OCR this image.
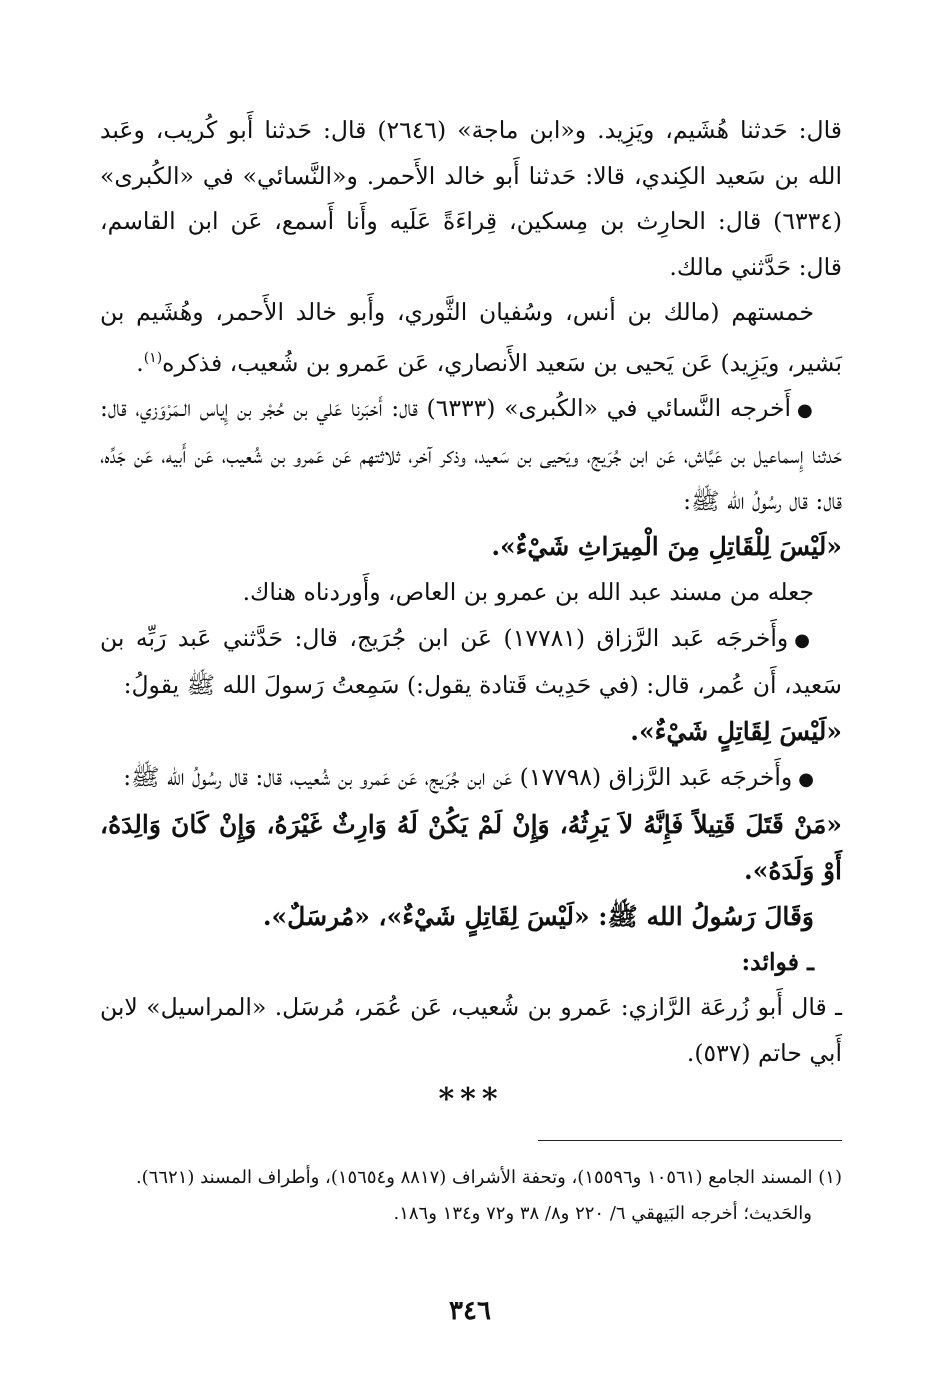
قال: حَدثنا هُشَيم، ويَزِيد. و«ابن ماجة» (٢٦٤٦) قال: حَدثنا أَبو كُريب، وعَبد الله بن سَعيد الكِندي، قالا: حَدثنا أَبو خالد الأَحمر. و«النَّسائي» في «الكُبرى» (٦٣٣٤) قال: الحارِث بن مِسكين، قِراءَةً عَلَيه وأَنا أَسمع، عَن ابن القاسم، قال: حَدَّثني مالك.

خمستهم (مالك بن أنس، وسُفيان الثَّوري، وأَبو خالد الأَحمر، وهُشَيم بن بَشير، ويَزِيد) عَن يَحيى بن سَعيد الأَنصاري، عَن عَمرو بن شُعيب، فذكره$^{(١)}$.

●أَخرجه النَّسائي في «الكُبرى» (٦٣٣٣) قال: أَخبَرنا عَلي بن حُجْر بن إِياس الـمَرْوَزي، قال: حَدثنا إِسماعيل بن عَيَّاش، عَن ابن جُرَيج، ويَحيى بن سَعيد، وذكر آخر، ثلاثتهم عَن عَمرو بن شُعيب، عَن أَبيه، عَن جَدِّه، قال: قال رسُولُ الله ﷺ:

«لَيْسَ لِلْقَاتِلِ مِنَ الْمِيرَاثِ شَيْءٌ».

جعله من مسند عبد الله بن عمرو بن العاص، وأَوردناه هناك.

●وأَخرجَه عَبد الرَّزاق (١٧٧٨١) عَن ابن جُرَيج، قال: حَدَّثني عَبد رَبِّه بن سَعيد، أَن عُمر، قال: (في حَدِيث قَتادة يقول:) سَمِعتُ رَسولَ الله ﷺ يقولُ:

«لَيْسَ لِقَاتِلٍ شَيْءٌ».

●وأَخرجَه عَبد الرَّزاق (١٧٧٩٨) عَن ابن جُرَيج، عَن عَمرو بن شُعيب، قال: قال رسُولُ الله ﷺ:

«مَنْ قَتَلَ قَتِيلاً فَإِنَّهُ لاَ يَرِثُهُ، وَإِنْ لَمْ يَكُنْ لَهُ وَارِثٌ غَيْرَهُ، وَإِنْ كَانَ وَالِدَهُ، أَوْ وَلَدَهُ».

وَقَالَ رَسُولُ الله ﷺ: «لَيْسَ لِقَاتِلٍ شَيْءٌ»، «مُرسَلٌ».

ـ فوائد:

ـ قال أَبو زُرعَة الرَّازي: عَمرو بن شُعيب، عَن عُمَر، مُرسَل. «المراسيل» لابن أَبي حاتم (٥٣٧).

***

(١) المسند الجامع (١٠٥٦١ و١٥٥٩٦)، وتحفة الأشراف (٨٨١٧ و١٥٦٥٤)، وأطراف المسند (٦٦٢١).

والحَديث؛ أخرجه البَيهقي ٦/ ٢٢٠ و٨/ ٣٨ و٧٢ و١٣٤ و١٨٦.

٣٤٦
